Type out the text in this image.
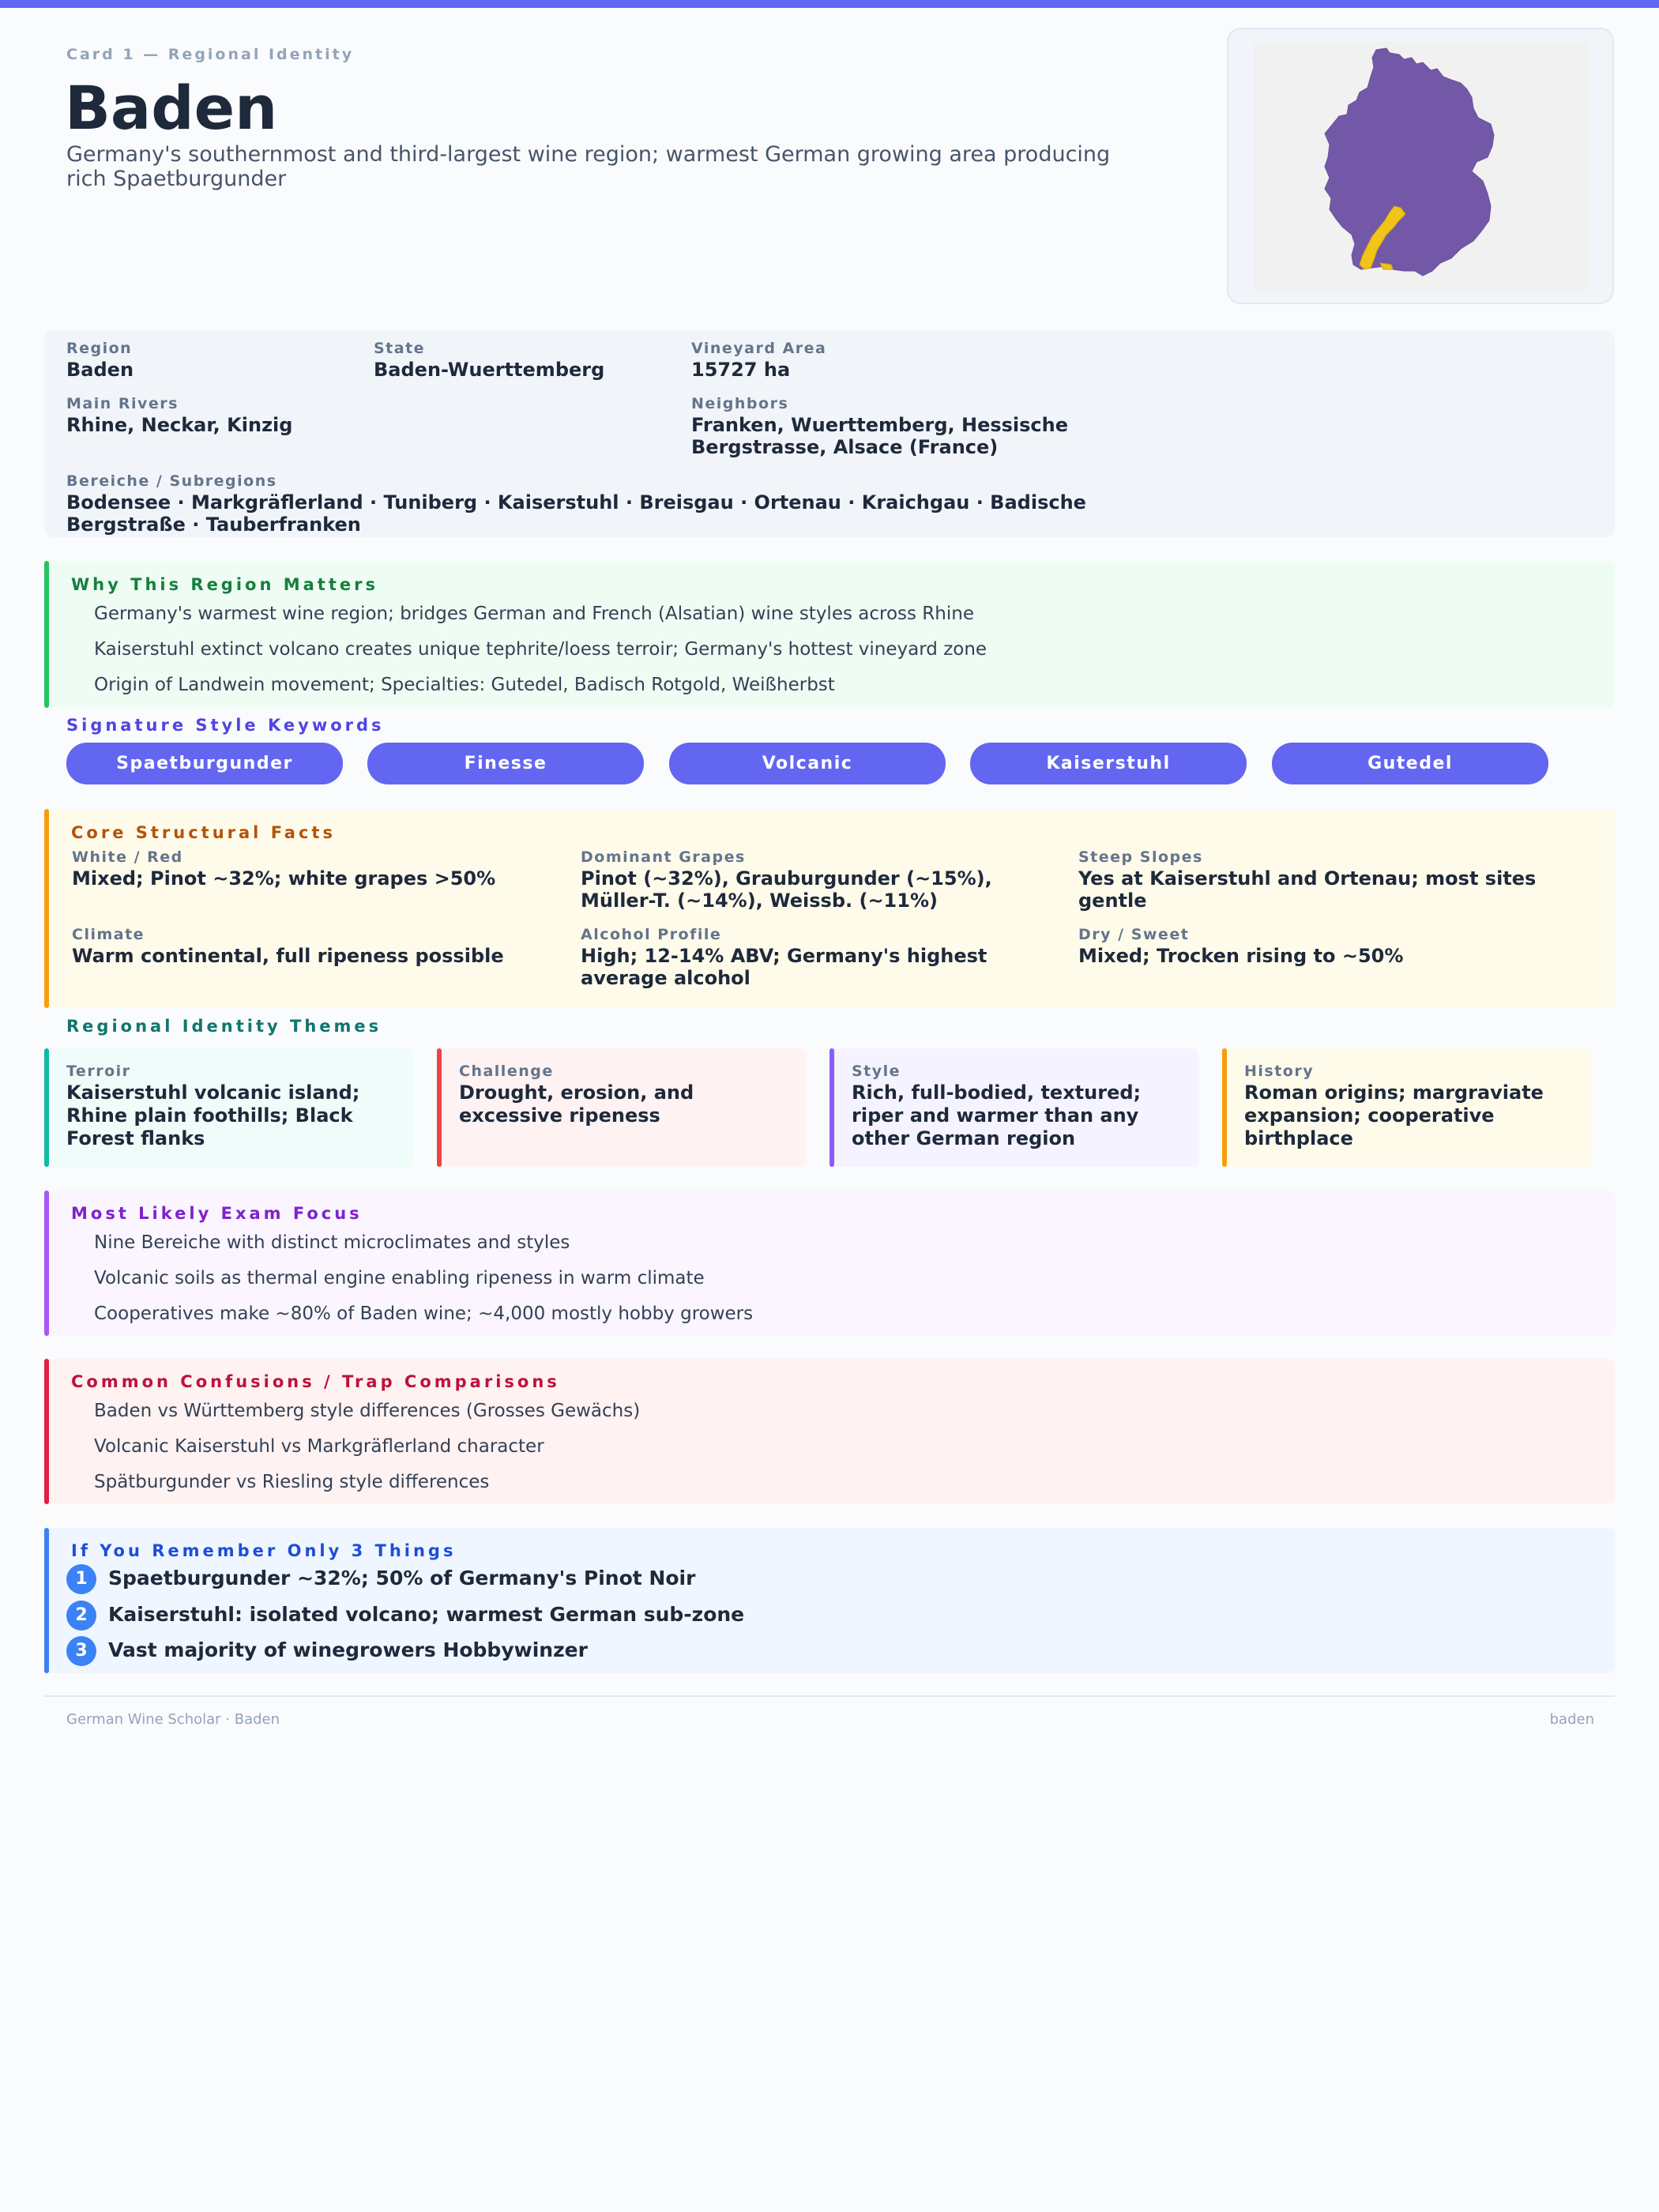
Card 1 — Regional Identity
Baden
Germany's southernmost and third-largest wine region; warmest German growing area producing rich Spaetburgunder
Region
Baden
State
Baden-Wuerttemberg
Vineyard Area
15727 ha
Main Rivers
Rhine, Neckar, Kinzig
Neighbors
Franken, Wuerttemberg, Hessische Bergstrasse, Alsace (France)
Bereiche / Subregions
Bodensee · Markgräflerland · Tuniberg · Kaiserstuhl · Breisgau · Ortenau · Kraichgau · Badische Bergstraße · Tauberfranken
Why This Region Matters
Germany's warmest wine region; bridges German and French (Alsatian) wine styles across Rhine
Kaiserstuhl extinct volcano creates unique tephrite/loess terroir; Germany's hottest vineyard zone
Origin of Landwein movement; Specialties: Gutedel, Badisch Rotgold, Weißherbst
Signature Style Keywords
Spaetburgunder	Finesse	Volcanic	Kaiserstuhl	Gutedel
Core Structural Facts
White / Red
Mixed; Pinot ~32%; white grapes >50%
Dominant Grapes
Pinot (~32%), Grauburgunder (~15%), Müller-T. (~14%), Weissb. (~11%)
Steep Slopes
Yes at Kaiserstuhl and Ortenau; most sites gentle
Climate
Warm continental, full ripeness possible
Alcohol Profile
High; 12-14% ABV; Germany's highest average alcohol
Dry / Sweet
Mixed; Trocken rising to ~50%
Regional Identity Themes
Terroir
Kaiserstuhl volcanic island; Rhine plain foothills; Black Forest flanks
Challenge
Drought, erosion, and excessive ripeness
Style
Rich, full-bodied, textured; riper and warmer than any other German region
History
Roman origins; margraviate expansion; cooperative birthplace
Most Likely Exam Focus
Nine Bereiche with distinct microclimates and styles
Volcanic soils as thermal engine enabling ripeness in warm climate
Cooperatives make ~80% of Baden wine; ~4,000 mostly hobby growers
Common Confusions / Trap Comparisons
Baden vs Württemberg style differences (Grosses Gewächs)
Volcanic Kaiserstuhl vs Markgräflerland character
Spätburgunder vs Riesling style differences
If You Remember Only 3 Things
1	Spaetburgunder ~32%; 50% of Germany's Pinot Noir
2	Kaiserstuhl: isolated volcano; warmest German sub-zone
3	Vast majority of winegrowers Hobbywinzer
German Wine Scholar · Baden	baden
